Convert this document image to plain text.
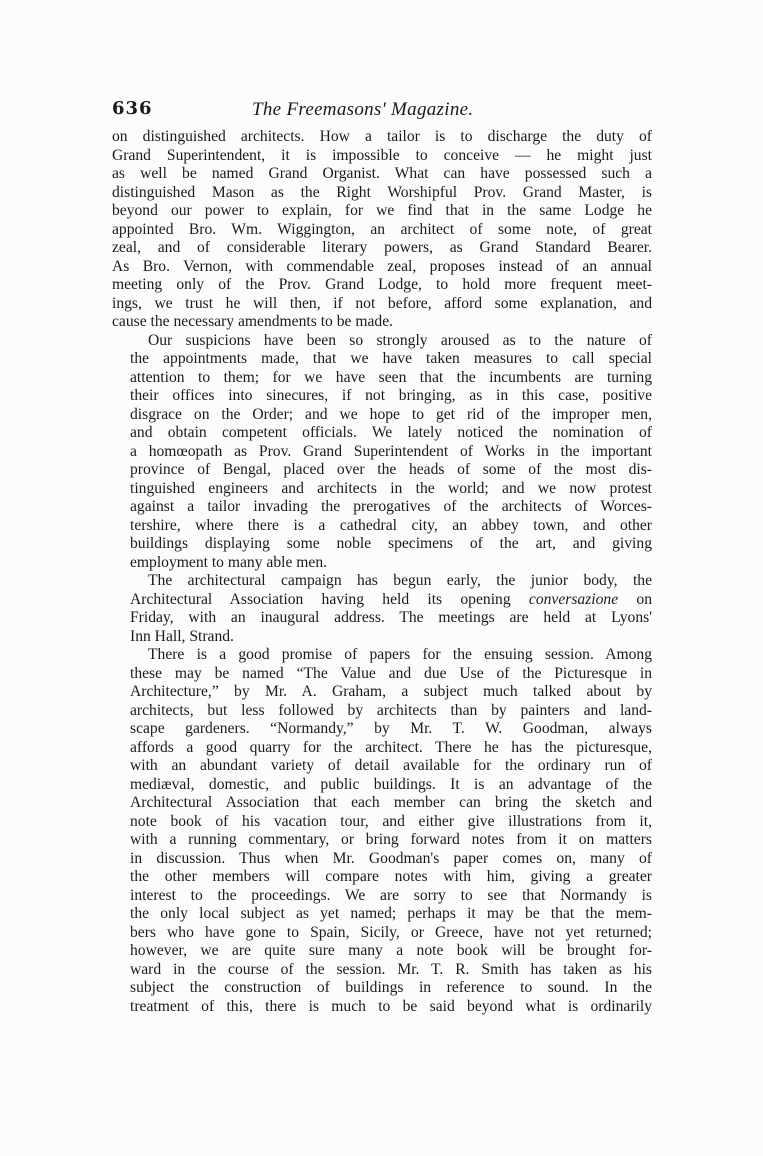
636	The Freemasons' Magazine.

on distinguished architects. How a tailor is to discharge the duty of
Grand Superintendent, it is impossible to conceive — he might just
as well be named Grand Organist. What can have possessed such a
distinguished Mason as the Right Worshipful Prov. Grand Master, is
beyond our power to explain, for we find that in the same Lodge he
appointed Bro. Wm. Wiggington, an architect of some note, of great
zeal, and of considerable literary powers, as Grand Standard Bearer.
As Bro. Vernon, with commendable zeal, proposes instead of an annual
meeting only of the Prov. Grand Lodge, to hold more frequent meet-
ings, we trust he will then, if not before, afford some explanation, and
cause the necessary amendments to be made.

Our suspicions have been so strongly aroused as to the nature of
the appointments made, that we have taken measures to call special
attention to them; for we have seen that the incumbents are turning
their offices into sinecures, if not bringing, as in this case, positive
disgrace on the Order; and we hope to get rid of the improper men,
and obtain competent officials. We lately noticed the nomination of
a homœopath as Prov. Grand Superintendent of Works in the important
province of Bengal, placed over the heads of some of the most dis-
tinguished engineers and architects in the world; and we now protest
against a tailor invading the prerogatives of the architects of Worces-
tershire, where there is a cathedral city, an abbey town, and other
buildings displaying some noble specimens of the art, and giving
employment to many able men.

The architectural campaign has begun early, the junior body, the
Architectural Association having held its opening conversazione on
Friday, with an inaugural address. The meetings are held at Lyons'
Inn Hall, Strand.

There is a good promise of papers for the ensuing session. Among
these may be named “The Value and due Use of the Picturesque in
Architecture,” by Mr. A. Graham, a subject much talked about by
architects, but less followed by architects than by painters and land-
scape gardeners. “Normandy,” by Mr. T. W. Goodman, always
affords a good quarry for the architect. There he has the picturesque,
with an abundant variety of detail available for the ordinary run of
mediæval, domestic, and public buildings. It is an advantage of the
Architectural Association that each member can bring the sketch and
note book of his vacation tour, and either give illustrations from it,
with a running commentary, or bring forward notes from it on matters
in discussion. Thus when Mr. Goodman's paper comes on, many of
the other members will compare notes with him, giving a greater
interest to the proceedings. We are sorry to see that Normandy is
the only local subject as yet named; perhaps it may be that the mem-
bers who have gone to Spain, Sicily, or Greece, have not yet returned;
however, we are quite sure many a note book will be brought for-
ward in the course of the session. Mr. T. R. Smith has taken as his
subject the construction of buildings in reference to sound. In the
treatment of this, there is much to be said beyond what is ordinarily
